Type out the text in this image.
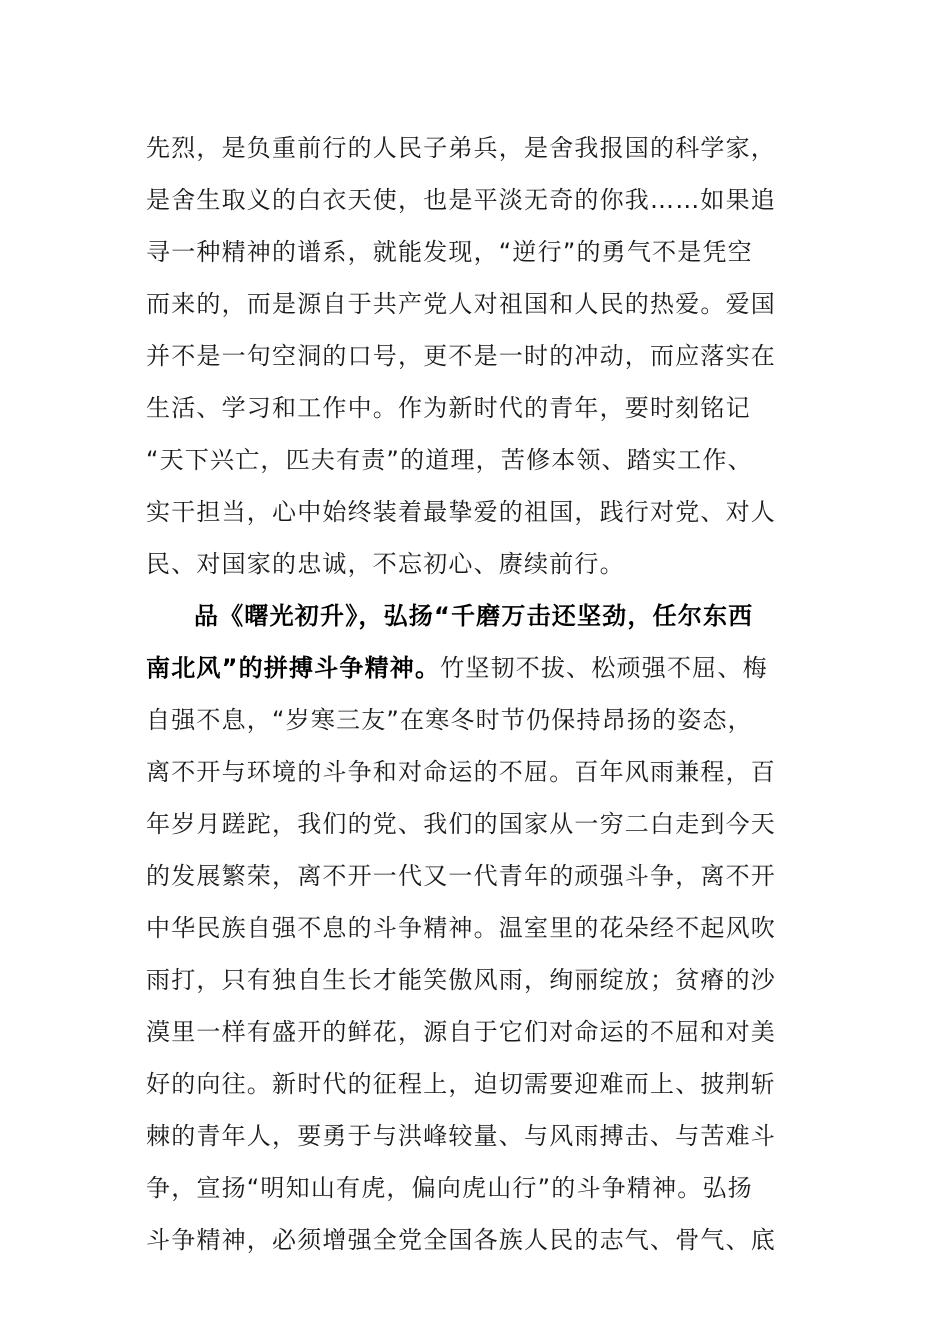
先烈，是负重前行的人民子弟兵，是舍我报国的科学家，
是舍生取义的白衣天使，也是平淡无奇的你我……如果追
寻一种精神的谱系，就能发现，“逆行”的勇气不是凭空
而来的，而是源自于共产党人对祖国和人民的热爱。爱国
并不是一句空洞的口号，更不是一时的冲动，而应落实在
生活、学习和工作中。作为新时代的青年，要时刻铭记
“天下兴亡，匹夫有责”的道理，苦修本领、踏实工作、
实干担当，心中始终装着最挚爱的祖国，践行对党、对人
民、对国家的忠诚，不忘初心、赓续前行。
品《曙光初升》，弘扬“千磨万击还坚劲，任尔东西
南北风”的拼搏斗争精神。竹坚韧不拔、松顽强不屈、梅
自强不息，“岁寒三友”在寒冬时节仍保持昂扬的姿态，
离不开与环境的斗争和对命运的不屈。百年风雨兼程，百
年岁月蹉跎，我们的党、我们的国家从一穷二白走到今天
的发展繁荣，离不开一代又一代青年的顽强斗争，离不开
中华民族自强不息的斗争精神。温室里的花朵经不起风吹
雨打，只有独自生长才能笑傲风雨，绚丽绽放；贫瘠的沙
漠里一样有盛开的鲜花，源自于它们对命运的不屈和对美
好的向往。新时代的征程上，迫切需要迎难而上、披荆斩
棘的青年人，要勇于与洪峰较量、与风雨搏击、与苦难斗
争，宣扬“明知山有虎，偏向虎山行”的斗争精神。弘扬
斗争精神，必须增强全党全国各族人民的志气、骨气、底
